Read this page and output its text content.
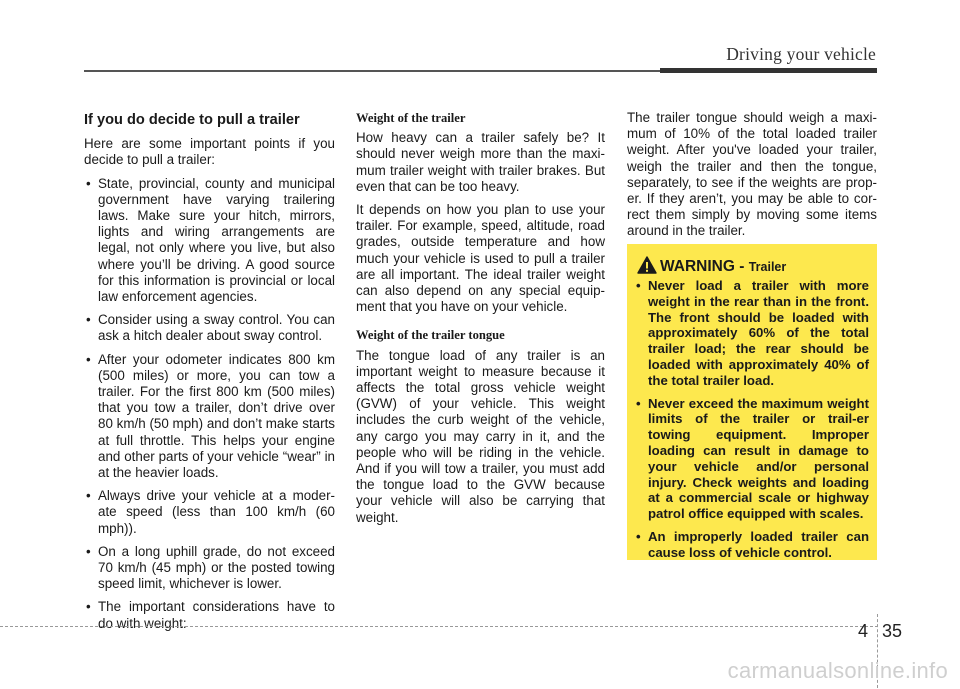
Driving your vehicle
If you do decide to pull a trailer

Here are some important points if you decide to pull a trailer:

• State, provincial, county and municipal government have varying trailering laws. Make sure your hitch, mirrors, lights and wiring arrangements are legal, not only where you live, but also where you’ll be driving. A good source for this information is provincial or local law enforcement agencies.
• Consider using a sway control. You can ask a hitch dealer about sway control.
• After your odometer indicates 800 km (500 miles) or more, you can tow a trailer. For the first 800 km (500 miles) that you tow a trailer, don’t drive over 80 km/h (50 mph) and don’t make starts at full throttle. This helps your engine and other parts of your vehicle “wear” in at the heavier loads.
• Always drive your vehicle at a moder-ate speed (less than 100 km/h (60 mph)).
• On a long uphill grade, do not exceed 70 km/h (45 mph) or the posted towing speed limit, whichever is lower.
• The important considerations have to do with weight:
Weight of the trailer

How heavy can a trailer safely be? It should never weigh more than the maxi-mum trailer weight with trailer brakes. But even that can be too heavy.

It depends on how you plan to use your trailer. For example, speed, altitude, road grades, outside temperature and how much your vehicle is used to pull a trailer are all important. The ideal trailer weight can also depend on any special equip-ment that you have on your vehicle.

Weight of the trailer tongue

The tongue load of any trailer is an important weight to measure because it affects the total gross vehicle weight (GVW) of your vehicle. This weight includes the curb weight of the vehicle, any cargo you may carry in it, and the people who will be riding in the vehicle. And if you will tow a trailer, you must add the tongue load to the GVW because your vehicle will also be carrying that weight.

The trailer tongue should weigh a maxi-mum of 10% of the total loaded trailer weight. After you've loaded your trailer, weigh the trailer and then the tongue, separately, to see if the weights are prop-er. If they aren’t, you may be able to cor-rect them simply by moving some items around in the trailer.

WARNING - Trailer
• Never load a trailer with more weight in the rear than in the front. The front should be loaded with approximately 60% of the total trailer load; the rear should be loaded with approximately 40% of the total trailer load.
• Never exceed the maximum weight limits of the trailer or trail-er towing equipment. Improper loading can result in damage to your vehicle and/or personal injury. Check weights and loading at a commercial scale or highway patrol office equipped with scales.
• An improperly loaded trailer can cause loss of vehicle control.
4 35
carmanualsonline.info
